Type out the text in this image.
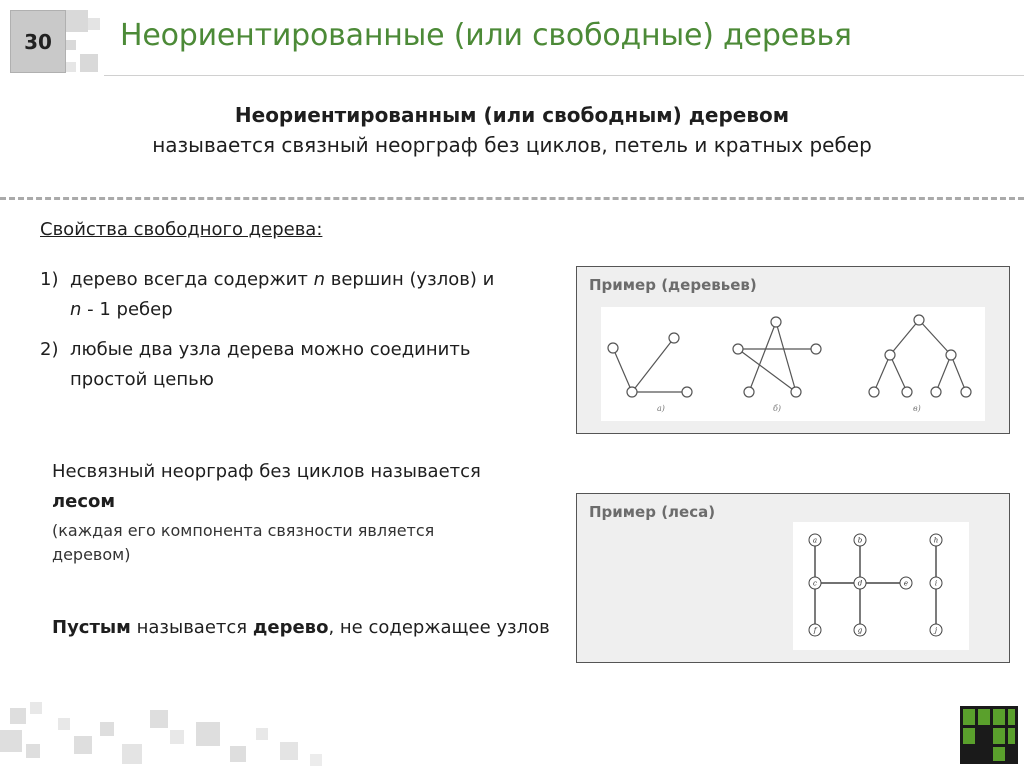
30	Неориентированные (или свободные) деревья
Неориентированным (или свободным) деревом
называется связный неорграф без циклов, петель и кратных ребер
Свойства свободного дерева:
1) дерево всегда содержит n вершин (узлов) и
n - 1 ребер
2) любые два узла дерева можно соединить простой цепью
Несвязный неорграф без циклов называется
лесом
(каждая его компонента связности является деревом)
Пустым называется дерево, не содержащее узлов
Пример (деревьев)
а)	б)	в)
Пример (леса)
a	b	h
c	d	e	i
f	g	j
